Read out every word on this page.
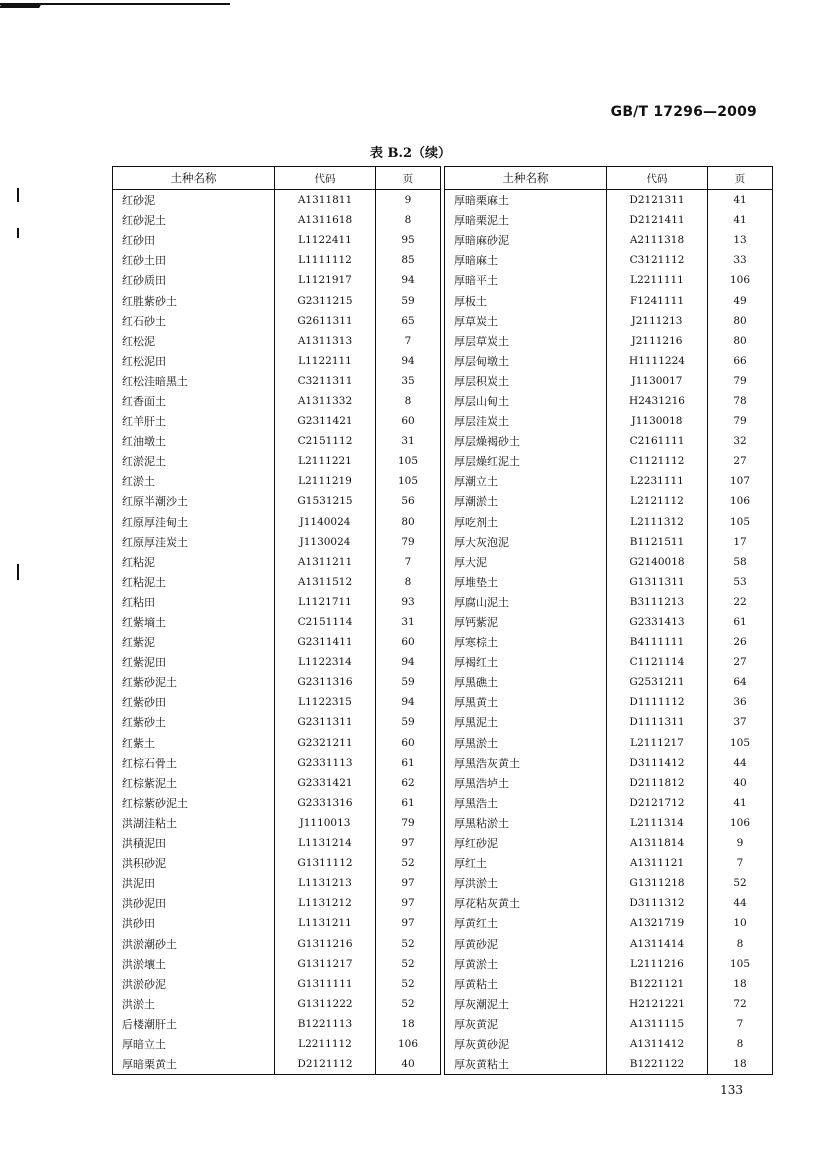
GB/T 17296—2009
表 B.2（续）
土种名称	代码	页
红砂泥	A1311811	9
红砂泥土	A1311618	8
红砂田	L1122411	95
红砂土田	L1111112	85
红砂质田	L1121917	94
红胜紫砂土	G2311215	59
红石砂土	G2611311	65
红松泥	A1311313	7
红松泥田	L1122111	94
红松洼暗黑土	C3211311	35
红香面土	A1311332	8
红羊肝土	G2311421	60
红油墩土	C2151112	31
红淤泥土	L2111221	105
红淤土	L2111219	105
红原半潮沙土	G1531215	56
红原厚洼甸土	J1140024	80
红原厚洼炭土	J1130024	79
红粘泥	A1311211	7
红粘泥土	A1311512	8
红粘田	L1121711	93
红紫墒土	C2151114	31
红紫泥	G2311411	60
红紫泥田	L1122314	94
红紫砂泥土	G2311316	59
红紫砂田	L1122315	94
红紫砂土	G2311311	59
红紫土	G2321211	60
红棕石骨土	G2331113	61
红棕紫泥土	G2331421	62
红棕紫砂泥土	G2331316	61
洪湖洼粘土	J1110013	79
洪積泥田	L1131214	97
洪积砂泥	G1311112	52
洪泥田	L1131213	97
洪砂泥田	L1131212	97
洪砂田	L1131211	97
洪淤潮砂土	G1311216	52
洪淤壤土	G1311217	52
洪淤砂泥	G1311111	52
洪淤土	G1311222	52
后楼潮肝土	B1221113	18
厚暗立土	L2211112	106
厚暗栗黄土	D2121112	40
土种名称	代码	页
厚暗栗麻土	D2121311	41
厚暗栗泥土	D2121411	41
厚暗麻砂泥	A2111318	13
厚暗麻土	C3121112	33
厚暗平土	L2211111	106
厚板土	F1241111	49
厚草炭土	J2111213	80
厚层草炭土	J2111216	80
厚层甸墩土	H1111224	66
厚层积炭土	J1130017	79
厚层山甸土	H2431216	78
厚层洼炭土	J1130018	79
厚层燥褐砂土	C2161111	32
厚层燥红泥土	C1121112	27
厚潮立土	L2231111	107
厚潮淤土	L2121112	106
厚吃剂土	L2111312	105
厚大灰泡泥	B1121511	17
厚大泥	G2140018	58
厚堆垫土	G1311311	53
厚腐山泥土	B3111213	22
厚钙紫泥	G2331413	61
厚寒棕土	B4111111	26
厚褐红土	C1121114	27
厚黑礁土	G2531211	64
厚黑黄土	D1111112	36
厚黑泥土	D1111311	37
厚黑淤土	L2111217	105
厚黑浩灰黄土	D3111412	44
厚黑浩垆土	D2111812	40
厚黑浩土	D2121712	41
厚黑粘淤土	L2111314	106
厚红砂泥	A1311814	9
厚红土	A1311121	7
厚洪淤土	G1311218	52
厚花粘灰黄土	D3111312	44
厚黄红土	A1321719	10
厚黄砂泥	A1311414	8
厚黄淤土	L2111216	105
厚黄粘土	B1221121	18
厚灰潮泥土	H2121221	72
厚灰黄泥	A1311115	7
厚灰黄砂泥	A1311412	8
厚灰黄粘土	B1221122	18
133
